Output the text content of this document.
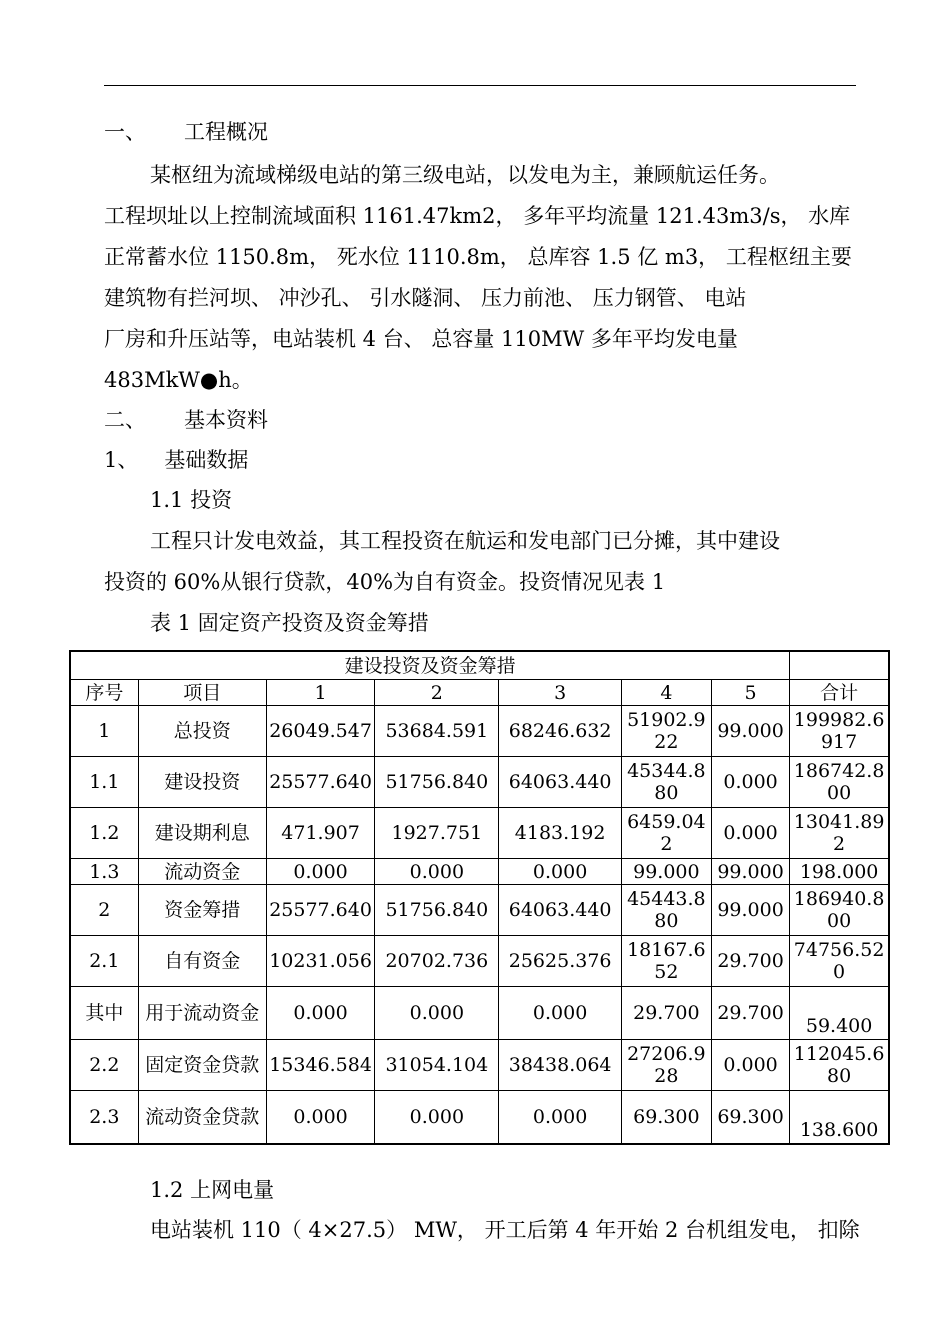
一、 工程概况
某枢纽为流域梯级电站的第三级电站，以发电为主，兼顾航运任务。
工程坝址以上控制流域面积 1161.47km2， 多年平均流量 121.43m3/s， 水库
正常蓄水位 1150.8m， 死水位 1110.8m， 总库容 1.5 亿 m3， 工程枢纽主要
建筑物有拦河坝、 冲沙孔、 引水隧洞、 压力前池、 压力钢管、 电站
厂房和升压站等，电站装机 4 台、 总容量 110MW 多年平均发电量
483MkW●h。
二、 基本资料
1、 基础数据
1.1 投资
工程只计发电效益，其工程投资在航运和发电部门已分摊，其中建设
投资的 60%从银行贷款，40%为自有资金。投资情况见表 1
表 1 固定资产投资及资金筹措
建设投资及资金筹措							
序号	项目	1	2	3	4	5	合计
1	总投资	26049.547	53684.591	68246.632	51902.922	99.000	199982.6917
1.1	建设投资	25577.640	51756.840	64063.440	45344.880	0.000	186742.800
1.2	建设期利息	471.907	1927.751	4183.192	6459.042	0.000	13041.892
1.3	流动资金	0.000	0.000	0.000	99.000	99.000	198.000
2	资金筹措	25577.640	51756.840	64063.440	45443.880	99.000	186940.800
2.1	自有资金	10231.056	20702.736	25625.376	18167.652	29.700	74756.520
其中	用于流动资金	0.000	0.000	0.000	29.700	29.700	59.400
2.2	固定资金贷款	15346.584	31054.104	38438.064	27206.928	0.000	112045.680
2.3	流动资金贷款	0.000	0.000	0.000	69.300	69.300	138.600
1.2 上网电量
电站装机 110（ 4×27.5） MW， 开工后第 4 年开始 2 台机组发电， 扣除
